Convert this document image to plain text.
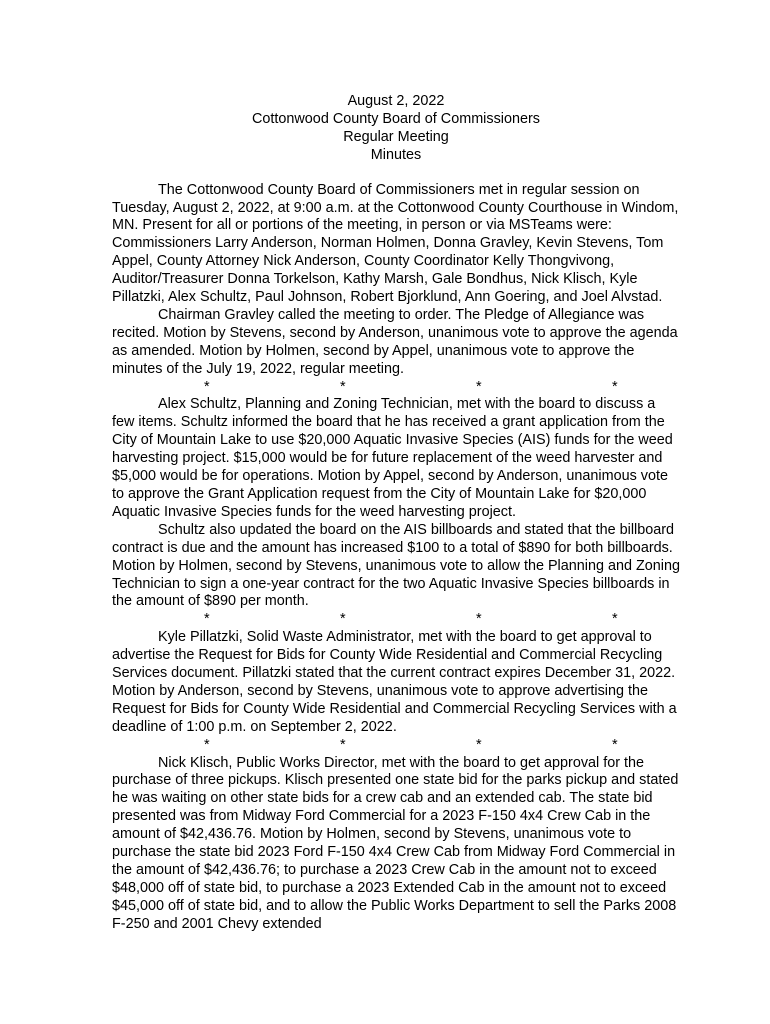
August 2, 2022
Cottonwood County Board of Commissioners
Regular Meeting
Minutes

The Cottonwood County Board of Commissioners met in regular session on Tuesday, August 2, 2022, at 9:00 a.m. at the Cottonwood County Courthouse in Windom, MN. Present for all or portions of the meeting, in person or via MSTeams were: Commissioners Larry Anderson, Norman Holmen, Donna Gravley, Kevin Stevens, Tom Appel, County Attorney Nick Anderson, County Coordinator Kelly Thongvivong, Auditor/Treasurer Donna Torkelson, Kathy Marsh, Gale Bondhus, Nick Klisch, Kyle Pillatzki, Alex Schultz, Paul Johnson, Robert Bjorklund, Ann Goering, and Joel Alvstad.

Chairman Gravley called the meeting to order. The Pledge of Allegiance was recited. Motion by Stevens, second by Anderson, unanimous vote to approve the agenda as amended. Motion by Holmen, second by Appel, unanimous vote to approve the minutes of the July 19, 2022, regular meeting.

*	*	*	*

Alex Schultz, Planning and Zoning Technician, met with the board to discuss a few items. Schultz informed the board that he has received a grant application from the City of Mountain Lake to use $20,000 Aquatic Invasive Species (AIS) funds for the weed harvesting project. $15,000 would be for future replacement of the weed harvester and $5,000 would be for operations. Motion by Appel, second by Anderson, unanimous vote to approve the Grant Application request from the City of Mountain Lake for $20,000 Aquatic Invasive Species funds for the weed harvesting project.

Schultz also updated the board on the AIS billboards and stated that the billboard contract is due and the amount has increased $100 to a total of $890 for both billboards. Motion by Holmen, second by Stevens, unanimous vote to allow the Planning and Zoning Technician to sign a one-year contract for the two Aquatic Invasive Species billboards in the amount of $890 per month.

*	*	*	*

Kyle Pillatzki, Solid Waste Administrator, met with the board to get approval to advertise the Request for Bids for County Wide Residential and Commercial Recycling Services document. Pillatzki stated that the current contract expires December 31, 2022. Motion by Anderson, second by Stevens, unanimous vote to approve advertising the Request for Bids for County Wide Residential and Commercial Recycling Services with a deadline of 1:00 p.m. on September 2, 2022.

*	*	*	*

Nick Klisch, Public Works Director, met with the board to get approval for the purchase of three pickups. Klisch presented one state bid for the parks pickup and stated he was waiting on other state bids for a crew cab and an extended cab. The state bid presented was from Midway Ford Commercial for a 2023 F-150 4x4 Crew Cab in the amount of $42,436.76. Motion by Holmen, second by Stevens, unanimous vote to purchase the state bid 2023 Ford F-150 4x4 Crew Cab from Midway Ford Commercial in the amount of $42,436.76; to purchase a 2023 Crew Cab in the amount not to exceed $48,000 off of state bid, to purchase a 2023 Extended Cab in the amount not to exceed $45,000 off of state bid, and to allow the Public Works Department to sell the Parks 2008 F-250 and 2001 Chevy extended
